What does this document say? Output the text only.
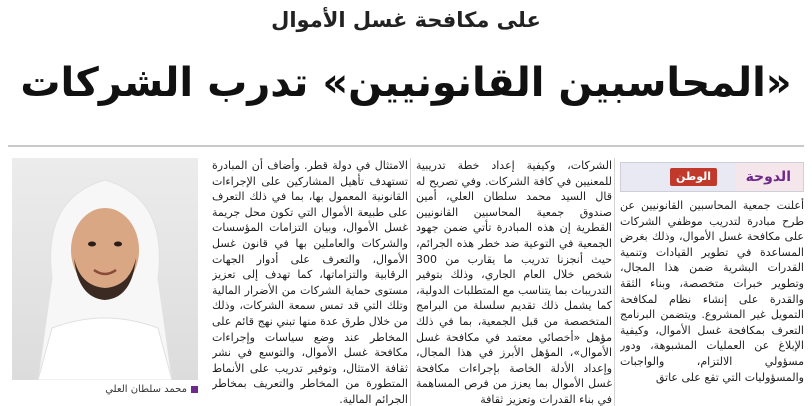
على مكافحة غسل الأموال
«المحاسبين القانونيين» تدرب الشركات
الدوحة
الوطن

أعلنت جمعية المحاسبين القانونيين عن طرح مبادرة لتدريب موظفي الشركات على مكافحة غسل الأموال، وذلك بغرض المساعدة في تطوير القيادات وتنمية القدرات البشرية ضمن هذا المجال، وتطوير خبرات متخصصة، وبناء الثقة والقدرة على إنشاء نظام لمكافحة التمويل غير المشروع. ويتضمن البرنامج التعرف بمكافحة غسل الأموال، وكيفية الإبلاغ عن العمليات المشبوهة، ودور مسؤولي الالتزام، والواجبات والمسؤوليات التي تقع على عاتق

الشركات، وكيفية إعداد خطة تدريبية للمعنيين في كافة الشركات. وفي تصريح له قال السيد محمد سلطان العلي، أمين صندوق جمعية المحاسبين القانونيين القطرية إن هذه المبادرة تأتي ضمن جهود الجمعية في التوعية ضد خطر هذه الجرائم، حيث أنجزنا تدريب ما يقارب من 300 شخص خلال العام الجاري، وذلك بتوفير التدريبات بما يتناسب مع المتطلبات الدولية، كما يشمل ذلك تقديم سلسلة من البرامج المتخصصة من قبل الجمعية، بما في ذلك مؤهل «أخصائي معتمد في مكافحة غسل الأموال»، المؤهل الأبرز في هذا المجال، وإعداد الأدلة الخاصة بإجراءات مكافحة غسل الأموال بما يعزز من فرص المساهمة في بناء القدرات وتعزيز ثقافة

الامتثال في دولة قطر. وأضاف أن المبادرة تستهدف تأهيل المشاركين على الإجراءات القانونية المعمول بها، بما في ذلك التعرف على طبيعة الأموال التي تكون محل جريمة غسل الأموال، وبيان التزامات المؤسسات والشركات والعاملين بها في قانون غسل الأموال، والتعرف على أدوار الجهات الرقابية والتزاماتها، كما تهدف إلى تعزيز مستوى حماية الشركات من الأضرار المالية وتلك التي قد تمس سمعة الشركات، وذلك من خلال طرق عدة منها تبني نهج قائم على المخاطر عند وضع سياسات وإجراءات مكافحة غسل الأموال، والتوسع في نشر ثقافة الامتثال، وتوفير تدريب على الأنماط المتطورة من المخاطر والتعريف بمخاطر الجرائم المالية.

محمد سلطان العلي
